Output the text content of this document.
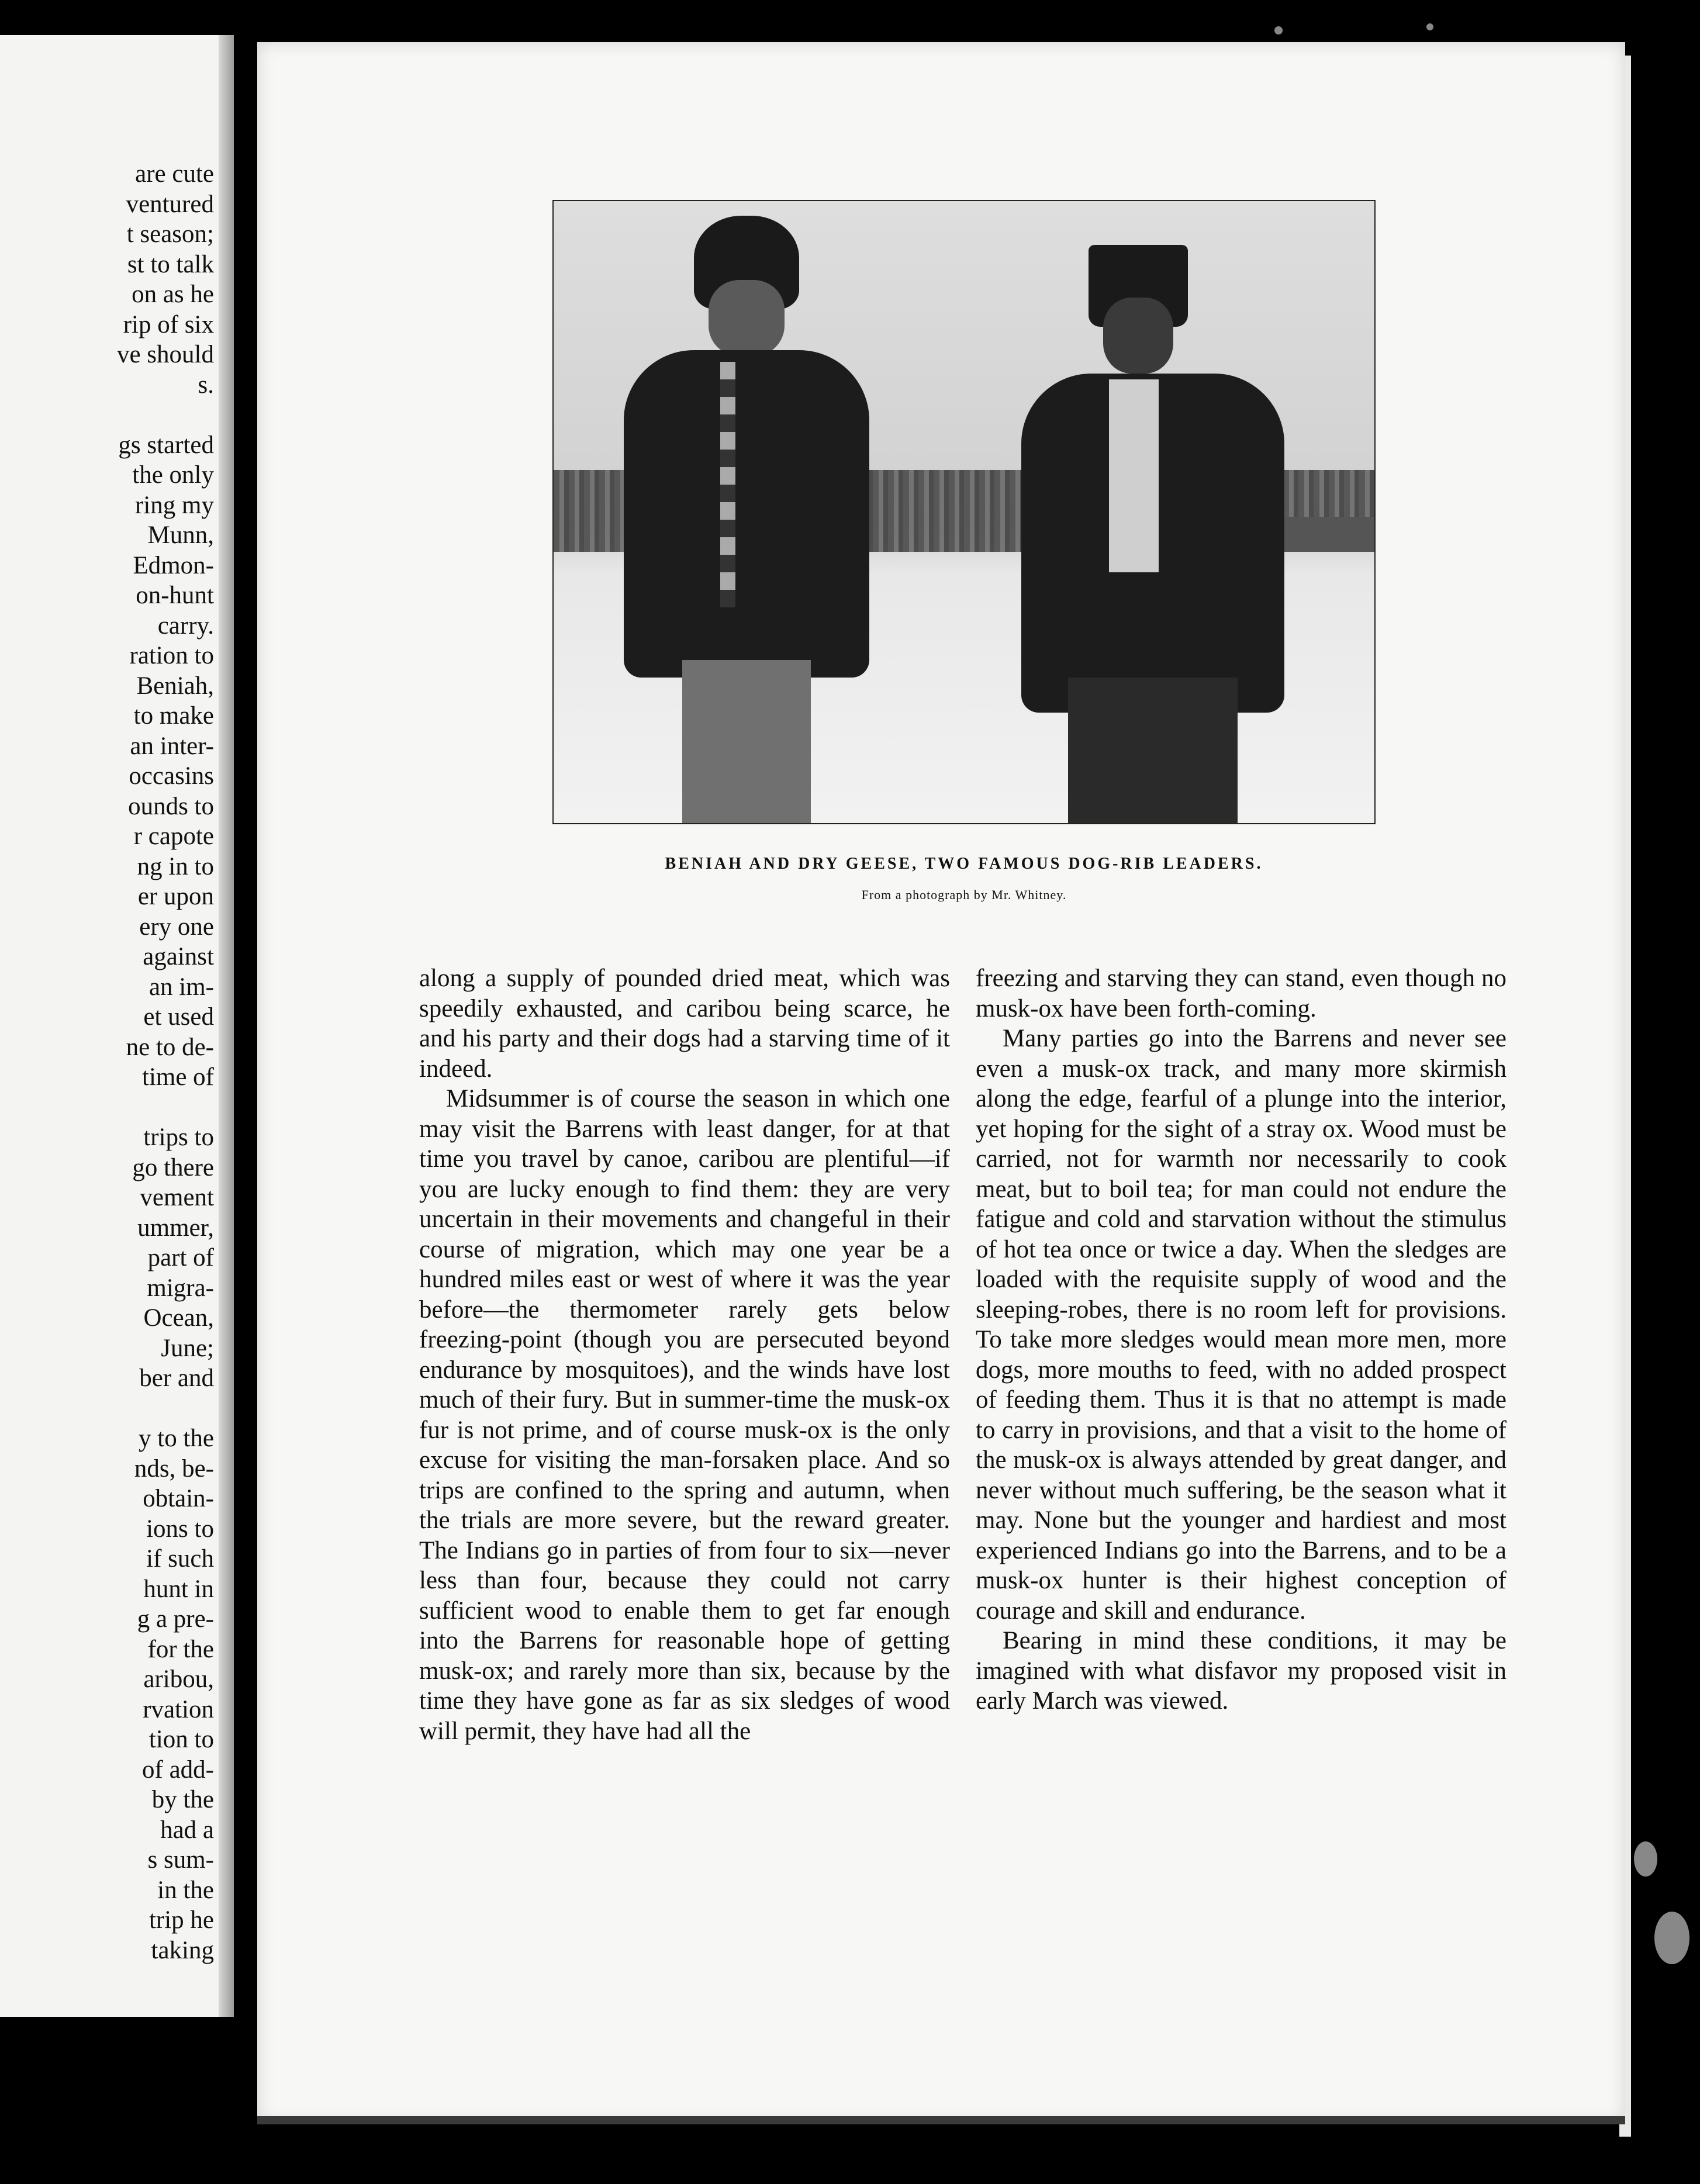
are cute
ventured
t season;
st to talk
on as he
rip of six
ve should
s.
gs started
the only
ring my
Munn,
Edmon-
on-hunt
carry.
ration to
Beniah,
to make
an inter-
occasins
ounds to
r capote
ng in to
er upon
ery one
against
an im-
et used
ne to de-
time of
trips to
go there
vement
ummer,
part of
migra-
Ocean,
June;
ber and
y to the
nds, be-
obtain-
ions to
if such
hunt in
g a pre-
for the
aribou,
rvation
tion to
of add-
by the
had a
s sum-
in the
trip he
taking
BENIAH AND DRY GEESE, TWO FAMOUS DOG-RIB LEADERS.
From a photograph by Mr. Whitney.

along a supply of pounded dried meat, which was speedily exhausted, and caribou being scarce, he and his party and their dogs had a starving time of it indeed.

Midsummer is of course the season in which one may visit the Barrens with least danger, for at that time you travel by canoe, caribou are plentiful—if you are lucky enough to find them: they are very uncertain in their movements and changeful in their course of migration, which may one year be a hundred miles east or west of where it was the year before—the thermometer rarely gets below freezing-point (though you are persecuted beyond endurance by mosquitoes), and the winds have lost much of their fury. But in summer-time the musk-ox fur is not prime, and of course musk-ox is the only excuse for visiting the man-forsaken place. And so trips are confined to the spring and autumn, when the trials are more severe, but the reward greater. The Indians go in parties of from four to six—never less than four, because they could not carry sufficient wood to enable them to get far enough into the Barrens for reasonable hope of getting musk-ox; and rarely more than six, because by the time they have gone as far as six sledges of wood will permit, they have had all the

freezing and starving they can stand, even though no musk-ox have been forth-coming.

Many parties go into the Barrens and never see even a musk-ox track, and many more skirmish along the edge, fearful of a plunge into the interior, yet hoping for the sight of a stray ox. Wood must be carried, not for warmth nor necessarily to cook meat, but to boil tea; for man could not endure the fatigue and cold and starvation without the stimulus of hot tea once or twice a day. When the sledges are loaded with the requisite supply of wood and the sleeping-robes, there is no room left for provisions. To take more sledges would mean more men, more dogs, more mouths to feed, with no added prospect of feeding them. Thus it is that no attempt is made to carry in provisions, and that a visit to the home of the musk-ox is always attended by great danger, and never without much suffering, be the season what it may. None but the younger and hardiest and most experienced Indians go into the Barrens, and to be a musk-ox hunter is their highest conception of courage and skill and endurance.

Bearing in mind these conditions, it may be imagined with what disfavor my proposed visit in early March was viewed.
